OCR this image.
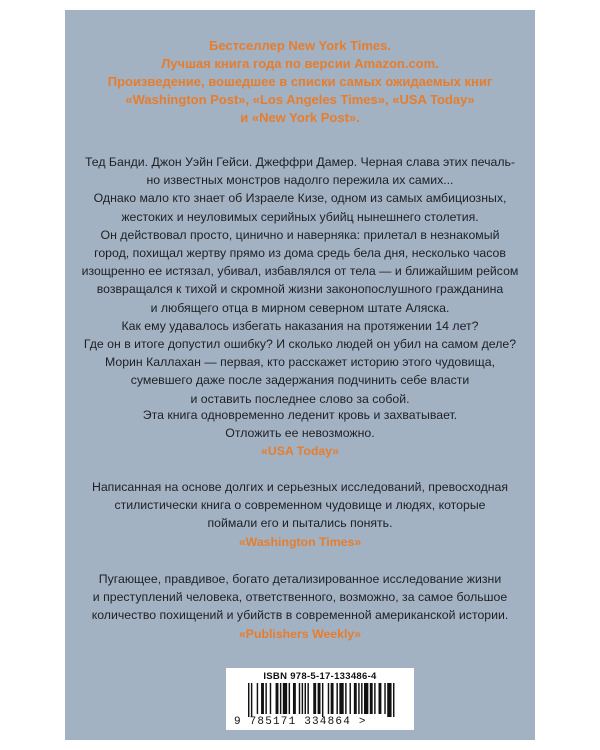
Бестселлер New York Times.
Лучшая книга года по версии Amazon.com.
Произведение, вошедшее в списки самых ожидаемых книг
«Washington Post», «Los Angeles Times», «USA Today»
и «New York Post».
Тед Банди. Джон Уэйн Гейси. Джеффри Дамер. Черная слава этих печаль-
но известных монстров надолго пережила их самих...
Однако мало кто знает об Израеле Кизе, одном из самых амбициозных,
жестоких и неуловимых серийных убийц нынешнего столетия.
Он действовал просто, цинично и наверняка: прилетал в незнакомый
город, похищал жертву прямо из дома средь бела дня, несколько часов
изощренно ее истязал, убивал, избавлялся от тела — и ближайшим рейсом
возвращался к тихой и скромной жизни законопослушного гражданина
и любящего отца в мирном северном штате Аляска.
Как ему удавалось избегать наказания на протяжении 14 лет?
Где он в итоге допустил ошибку? И сколько людей он убил на самом деле?
Морин Каллахан — первая, кто расскажет историю этого чудовища,
сумевшего даже после задержания подчинить себе власти
и оставить последнее слово за собой.
Эта книга одновременно леденит кровь и захватывает.
Отложить ее невозможно.
«USA Today»
Написанная на основе долгих и серьезных исследований, превосходная
стилистически книга о современном чудовище и людях, которые
поймали его и пытались понять.
«Washington Times»
Пугающее, правдивое, богато детализированное исследование жизни
и преступлений человека, ответственного, возможно, за самое большое
количество похищений и убийств в современной американской истории.
«Publishers Weekly»
ISBN 978-5-17-133486-4
9 785171 334864 >
